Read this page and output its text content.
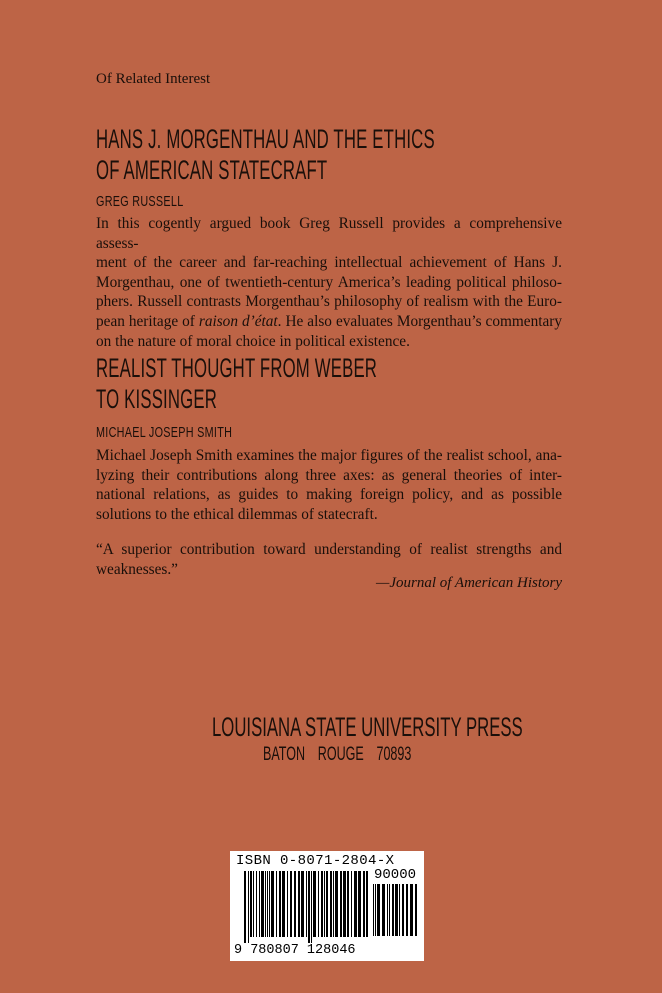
Of Related Interest
HANS J. MORGENTHAU AND THE ETHICS
OF AMERICAN STATECRAFT
GREG RUSSELL
In this cogently argued book Greg Russell provides a comprehensive assess-
ment of the career and far-reaching intellectual achievement of Hans J.
Morgenthau, one of twentieth-century America’s leading political philoso-
phers. Russell contrasts Morgenthau’s philosophy of realism with the Euro-
pean heritage of raison d’état. He also evaluates Morgenthau’s commentary
on the nature of moral choice in political existence.
REALIST THOUGHT FROM WEBER
TO KISSINGER
MICHAEL JOSEPH SMITH
Michael Joseph Smith examines the major figures of the realist school, ana-
lyzing their contributions along three axes: as general theories of inter-
national relations, as guides to making foreign policy, and as possible
solutions to the ethical dilemmas of statecraft.
“A superior contribution toward understanding of realist strengths and
weaknesses.”
—Journal of American History
LOUISIANA STATE UNIVERSITY PRESS
BATON ROUGE 70893
ISBN 0-8071-2804-X
90000
9 780807 128046
